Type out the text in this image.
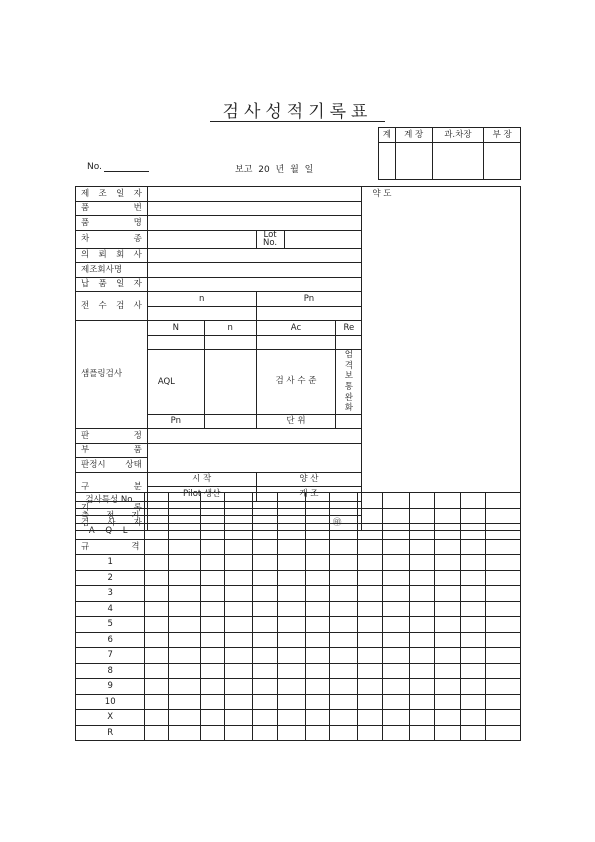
검사성적기록표
계	계 장	과.차장	부 장

No.	보고 20 년 월 일
제 조 일 자						약 도
품 번						
품 명						
차 종			Lot No.			
의 뢰 회 사						
제조회사명						
납 품 일 자						
전 수 검 사	n		Pn			

샘플링검사	N	n	Ac		Re	

	AQL		검 사 수 준		엄 격 보 통 완 화	

	Pn		단 위			
판 정						
부 품						
판정시 상태						
구 분	시 작		양 산			
	Pilot 생산		개 조			
기 록						
검 사 자	㊞					
검사특성 No.														
측 정 기														
A Q L														
규 격														
1														
2														
3														
4														
5														
6														
7														
8														
9														
10														
X														
R														
